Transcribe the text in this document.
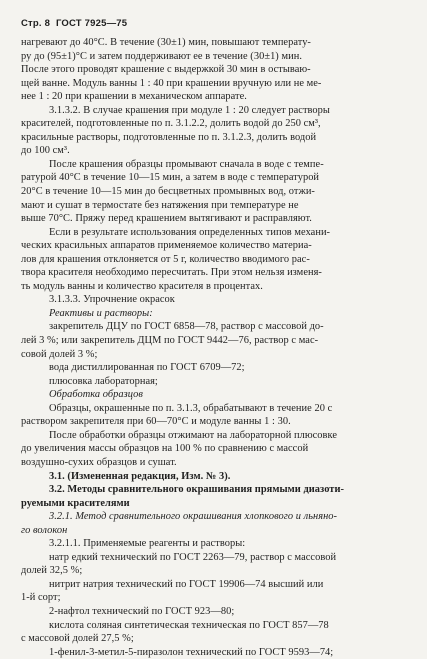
Стр. 8 ГОСТ 7925—75

нагревают до 40°С. В течение (30±1) мин, повышают температу-

ру до (95±1)°С и затем поддерживают ее в течение (30±1) мин.

После этого проводят крашение с выдержкой 30 мин в остываю-

щей ванне. Модуль ванны 1 : 40 при крашении вручную или не ме-

нее 1 : 20 при крашении в механическом аппарате.

3.1.3.2. В случае крашения при модуле 1 : 20 следует растворы

красителей, подготовленные по п. 3.1.2.2, долить водой до 250 см³,

красильные растворы, подготовленные по п. 3.1.2.3, долить водой

до 100 см³.

После крашения образцы промывают сначала в воде с темпе-

ратурой 40°С в течение 10—15 мин, а затем в воде с температурой

20°С в течение 10—15 мин до бесцветных промывных вод, отжи-

мают и сушат в термостате без натяжения при температуре не

выше 70°С. Пряжу перед крашением вытягивают и расправляют.

Если в результате использования определенных типов механи-

ческих красильных аппаратов применяемое количество материа-

лов для крашения отклоняется от 5 г, количество вводимого рас-

твора красителя необходимо пересчитать. При этом нельзя изменя-

ть модуль ванны и количество красителя в процентах.

3.1.3.3. Упрочнение окрасок

Реактивы и растворы:

закрепитель ДЦУ по ГОСТ 6858—78, раствор с массовой до-

лей 3 %; или закрепитель ДЦМ по ГОСТ 9442—76, раствор с мас-

совой долей 3 %;

вода дистиллированная по ГОСТ 6709—72;

плюсовка лабораторная;

Обработка образцов

Образцы, окрашенные по п. 3.1.3, обрабатывают в течение 20 с

раствором закрепителя при 60—70°С и модуле ванны 1 : 30.

После обработки образцы отжимают на лабораторной плюсовке

до увеличения массы образцов на 100 % по сравнению с массой

воздушно-сухих образцов и сушат.

3.1. (Измененная редакция, Изм. № 3).

3.2. Методы сравнительного окрашивания прямыми диазоти-

руемыми красителями

3.2.1. Метод сравнительного окрашивания хлопкового и льняно-

го волокон

3.2.1.1. Применяемые реагенты и растворы:

натр едкий технический по ГОСТ 2263—79, раствор с массовой

долей 32,5 %;

нитрит натрия технический по ГОСТ 19906—74 высший или

1-й сорт;

2-нафтол технический по ГОСТ 923—80;

кислота соляная синтетическая техническая по ГОСТ 857—78

с массовой долей 27,5 %;

1-фенил-3-метил-5-пиразолон технический по ГОСТ 9593—74;
